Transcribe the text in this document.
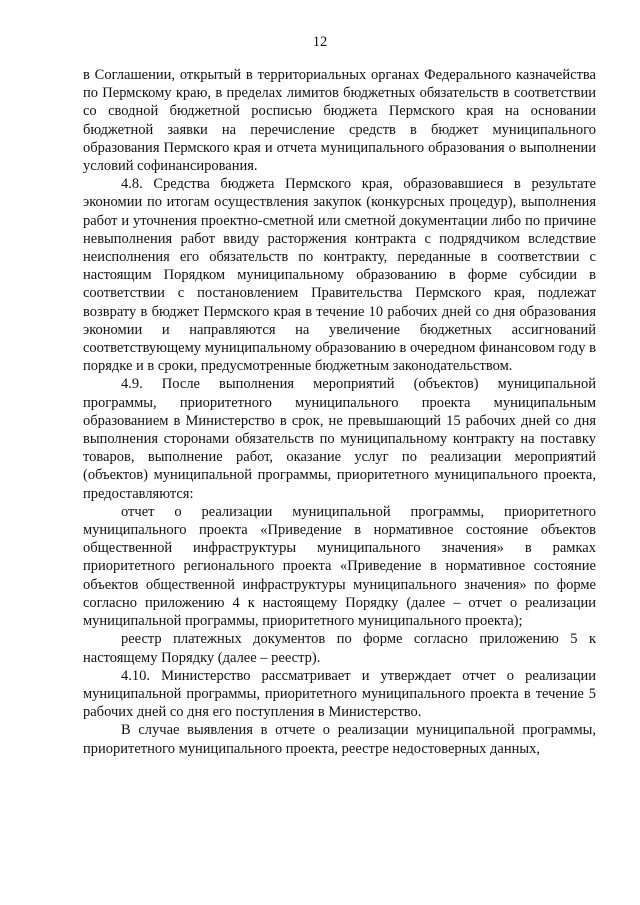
12

в Соглашении, открытый в территориальных органах Федерального казначейства по Пермскому краю, в пределах лимитов бюджетных обязательств в соответствии со сводной бюджетной росписью бюджета Пермского края на основании бюджетной заявки на перечисление средств в бюджет муниципального образования Пермского края и отчета муниципального образования о выполнении условий софинансирования.

4.8. Средства бюджета Пермского края, образовавшиеся в результате экономии по итогам осуществления закупок (конкурсных процедур), выполнения работ и уточнения проектно-сметной или сметной документации либо по причине невыполнения работ ввиду расторжения контракта с подрядчиком вследствие неисполнения его обязательств по контракту, переданные в соответствии с настоящим Порядком муниципальному образованию в форме субсидии в соответствии с постановлением Правительства Пермского края, подлежат возврату в бюджет Пермского края в течение 10 рабочих дней со дня образования экономии и направляются на увеличение бюджетных ассигнований соответствующему муниципальному образованию в очередном финансовом году в порядке и в сроки, предусмотренные бюджетным законодательством.

4.9. После выполнения мероприятий (объектов) муниципальной программы, приоритетного муниципального проекта муниципальным образованием в Министерство в срок, не превышающий 15 рабочих дней со дня выполнения сторонами обязательств по муниципальному контракту на поставку товаров, выполнение работ, оказание услуг по реализации мероприятий (объектов) муниципальной программы, приоритетного муниципального проекта, предоставляются:

отчет о реализации муниципальной программы, приоритетного муниципального проекта «Приведение в нормативное состояние объектов общественной инфраструктуры муниципального значения» в рамках приоритетного регионального проекта «Приведение в нормативное состояние объектов общественной инфраструктуры муниципального значения» по форме согласно приложению 4 к настоящему Порядку (далее – отчет о реализации муниципальной программы, приоритетного муниципального проекта);

реестр платежных документов по форме согласно приложению 5 к настоящему Порядку (далее – реестр).

4.10. Министерство рассматривает и утверждает отчет о реализации муниципальной программы, приоритетного муниципального проекта в течение 5 рабочих дней со дня его поступления в Министерство.

В случае выявления в отчете о реализации муниципальной программы, приоритетного муниципального проекта, реестре недостоверных данных,
